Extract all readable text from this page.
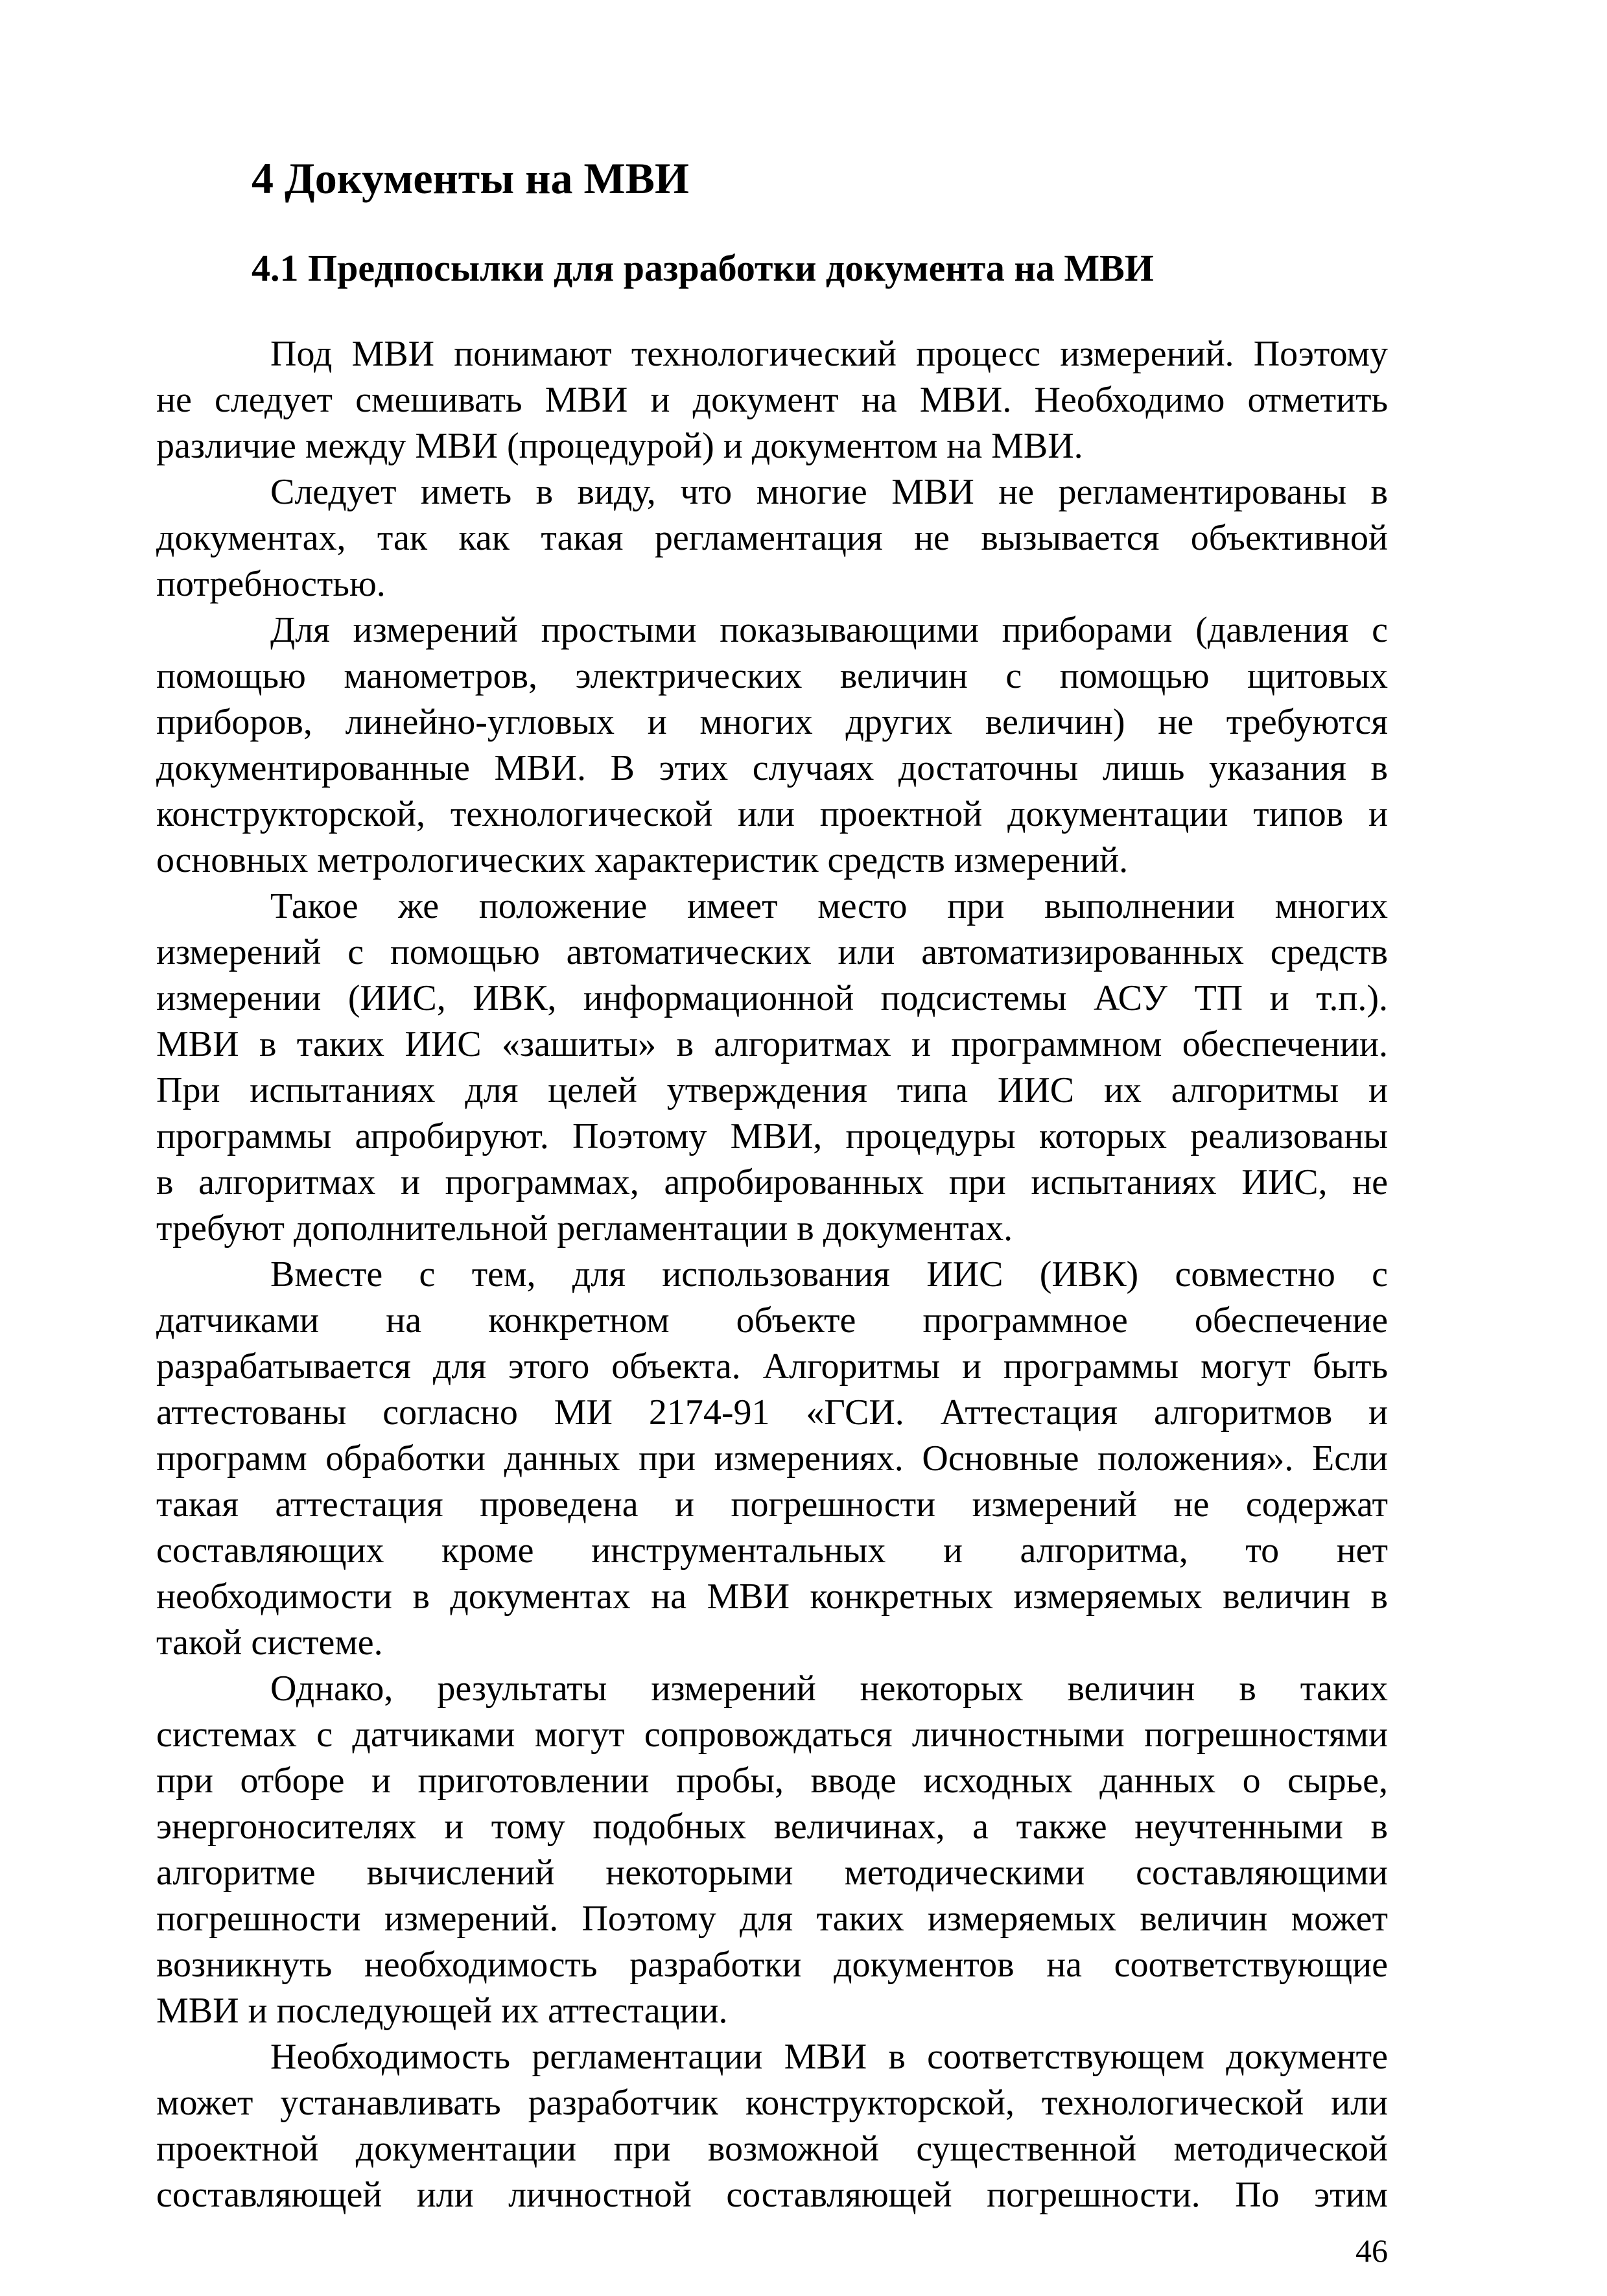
4 Документы на МВИ
4.1 Предпосылки для разработки документа на МВИ
Под МВИ понимают технологический процесс измерений. Поэтому
не следует смешивать МВИ и документ на МВИ. Необходимо отметить
различие между МВИ (процедурой) и документом на МВИ.
Следует иметь в виду, что многие МВИ не регламентированы в
документах, так как такая регламентация не вызывается объективной
потребностью.
Для измерений простыми показывающими приборами (давления с
помощью манометров, электрических величин с помощью щитовых
приборов, линейно-угловых и многих других величин) не требуются
документированные МВИ. В этих случаях достаточны лишь указания в
конструкторской, технологической или проектной документации типов и
основных метрологических характеристик средств измерений.
Такое же положение имеет место при выполнении многих
измерений с помощью автоматических или автоматизированных средств
измерении (ИИС, ИВК, информационной подсистемы АСУ ТП и т.п.).
МВИ в таких ИИС «зашиты» в алгоритмах и программном обеспечении.
При испытаниях для целей утверждения типа ИИС их алгоритмы и
программы апробируют. Поэтому МВИ, процедуры которых реализованы
в алгоритмах и программах, апробированных при испытаниях ИИС, не
требуют дополнительной регламентации в документах.
Вместе с тем, для использования ИИС (ИВК) совместно с
датчиками на конкретном объекте программное обеспечение
разрабатывается для этого объекта. Алгоритмы и программы могут быть
аттестованы согласно МИ 2174-91 «ГСИ. Аттестация алгоритмов и
программ обработки данных при измерениях. Основные положения». Если
такая аттестация проведена и погрешности измерений не содержат
составляющих кроме инструментальных и алгоритма, то нет
необходимости в документах на МВИ конкретных измеряемых величин в
такой системе.
Однако, результаты измерений некоторых величин в таких
системах с датчиками могут сопровождаться личностными погрешностями
при отборе и приготовлении пробы, вводе исходных данных о сырье,
энергоносителях и тому подобных величинах, а также неучтенными в
алгоритме вычислений некоторыми методическими составляющими
погрешности измерений. Поэтому для таких измеряемых величин может
возникнуть необходимость разработки документов на соответствующие
МВИ и последующей их аттестации.
Необходимость регламентации МВИ в соответствующем документе
может устанавливать разработчик конструкторской, технологической или
проектной документации при возможной существенной методической
составляющей или личностной составляющей погрешности. По этим
46
